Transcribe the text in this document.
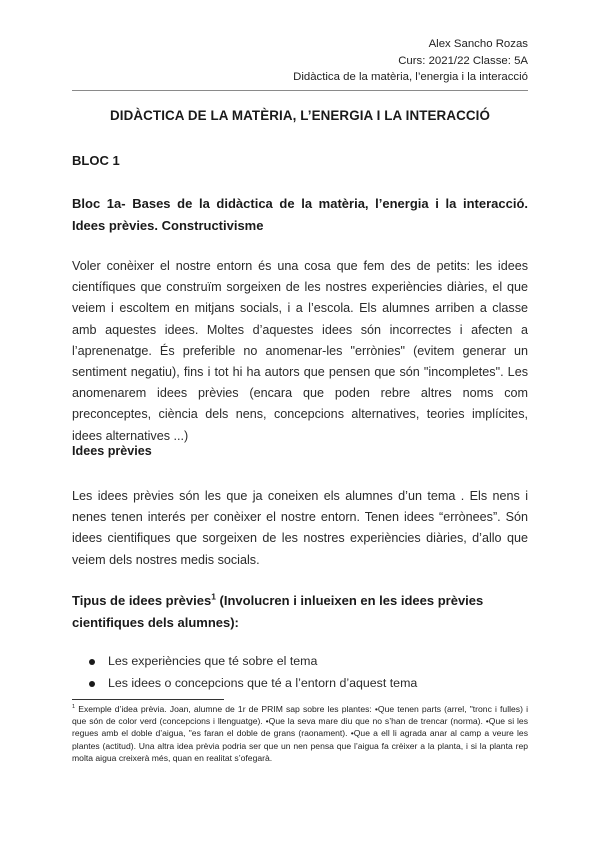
Alex Sancho Rozas
Curs: 2021/22 Classe: 5A
Didàctica de la matèria, l’energia i la interacció
DIDÀCTICA DE LA MATÈRIA, L’ENERGIA I LA INTERACCIÓ
BLOC 1
Bloc 1a- Bases de la didàctica de la matèria, l’energia i la interacció. Idees prèvies. Constructivisme
Voler conèixer el nostre entorn és una cosa que fem des de petits: les idees científiques que construïm sorgeixen de les nostres experiències diàries, el que veiem i escoltem en mitjans socials, i a l’escola. Els alumnes arriben a classe amb aquestes idees. Moltes d’aquestes idees són incorrectes i afecten a l’aprenenatge. És preferible no anomenar-les "errònies" (evitem generar un sentiment negatiu), fins i tot hi ha autors que pensen que són "incompletes". Les anomenarem idees prèvies (encara que poden rebre altres noms com preconceptes, ciència dels nens, concepcions alternatives, teories implícites, idees alternatives ...)
Idees prèvies
Les idees prèvies són les que ja coneixen els alumnes d’un tema . Els nens i nenes tenen interés per conèixer el nostre entorn. Tenen idees “errònees”. Són idees cientifiques que sorgeixen de les nostres experiències diàries, d’allo que veiem dels nostres medis socials.
Tipus de idees prèvies$^1$ (Involucren i inlueixen en les idees prèvies cientifiques dels alumnes):
Les experiències que té sobre el tema
Les idees o concepcions que té a l’entorn d’aquest tema
$^1$ Exemple d’idea prèvia. Joan, alumne de 1r de PRIM sap sobre les plantes: •Que tenen parts (arrel, "tronc i fulles) i que són de color verd (concepcions i llenguatge). •Que la seva mare diu que no s’han de trencar (norma). •Que si les regues amb el doble d’aigua, "es faran el doble de grans (raonament). •Que a ell li agrada anar al camp a veure les plantes (actitud). Una altra idea prèvia podria ser que un nen pensa que l’aigua fa crèixer a la planta, i si la planta rep molta aigua creixerà més, quan en realitat s’ofegarà.
